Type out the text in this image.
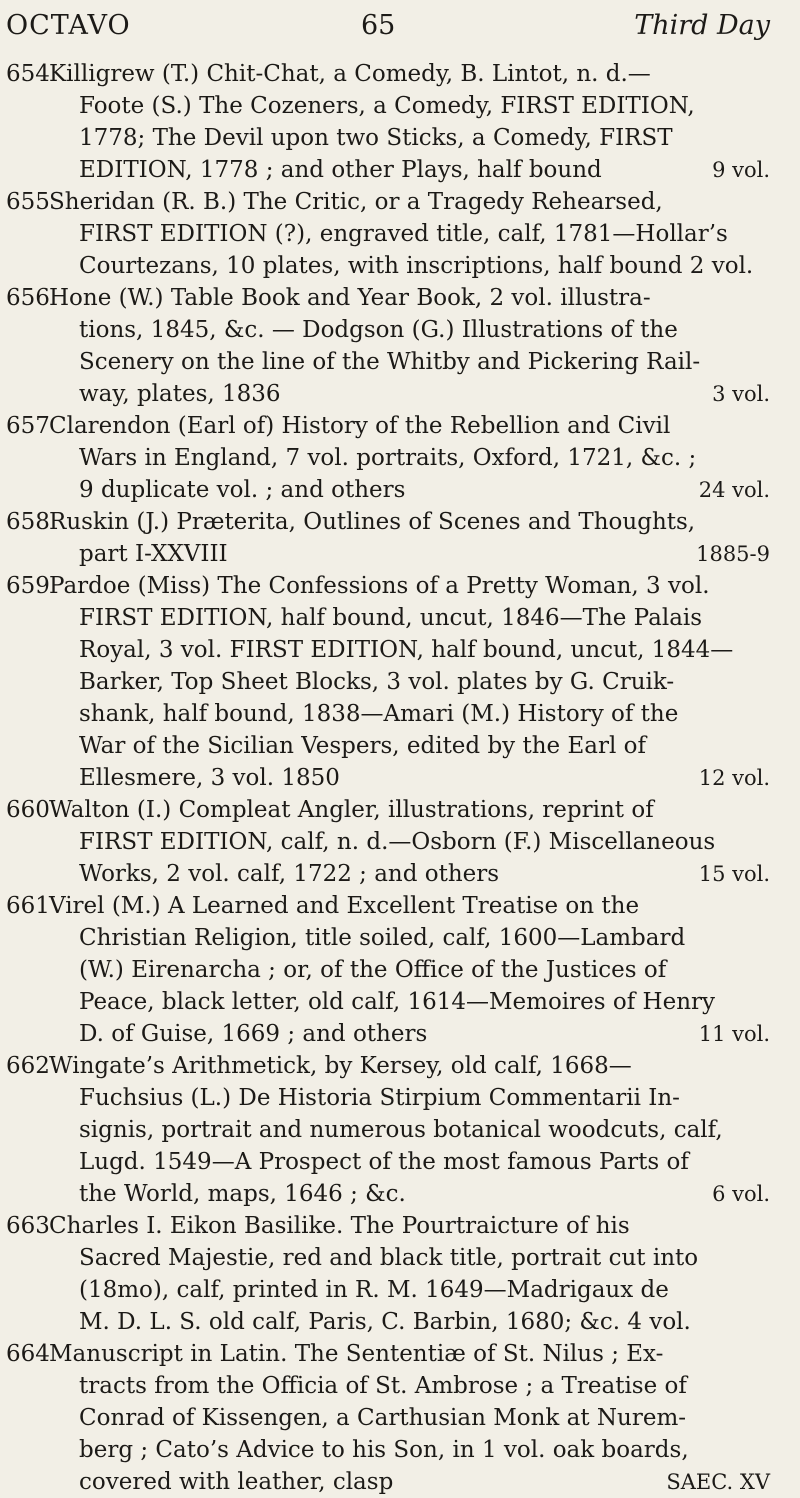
OCTAVO	65	Third Day
654 Killigrew (T.) Chit-Chat, a Comedy, B. Lintot, n. d.—
Foote (S.) The Cozeners, a Comedy, FIRST EDITION,
1778; The Devil upon two Sticks, a Comedy, FIRST
EDITION, 1778 ; and other Plays, half bound	9 vol.
655 Sheridan (R. B.) The Critic, or a Tragedy Rehearsed,
FIRST EDITION (?), engraved title, calf, 1781—Hollar’s
Courtezans, 10 plates, with inscriptions, half bound 2 vol.
656 Hone (W.) Table Book and Year Book, 2 vol. illustra-
tions, 1845, &c. — Dodgson (G.) Illustrations of the
Scenery on the line of the Whitby and Pickering Rail-
way, plates, 1836	3 vol.
657 Clarendon (Earl of) History of the Rebellion and Civil
Wars in England, 7 vol. portraits, Oxford, 1721, &c. ;
9 duplicate vol. ; and others	24 vol.
658 Ruskin (J.) Præterita, Outlines of Scenes and Thoughts,
part I-XXVIII	1885-9
659 Pardoe (Miss) The Confessions of a Pretty Woman, 3 vol.
FIRST EDITION, half bound, uncut, 1846—The Palais
Royal, 3 vol. FIRST EDITION, half bound, uncut, 1844—
Barker, Top Sheet Blocks, 3 vol. plates by G. Cruik-
shank, half bound, 1838—Amari (M.) History of the
War of the Sicilian Vespers, edited by the Earl of
Ellesmere, 3 vol. 1850	12 vol.
660 Walton (I.) Compleat Angler, illustrations, reprint of
FIRST EDITION, calf, n. d.—Osborn (F.) Miscellaneous
Works, 2 vol. calf, 1722 ; and others	15 vol.
661 Virel (M.) A Learned and Excellent Treatise on the
Christian Religion, title soiled, calf, 1600—Lambard
(W.) Eirenarcha ; or, of the Office of the Justices of
Peace, black letter, old calf, 1614—Memoires of Henry
D. of Guise, 1669 ; and others	11 vol.
662 Wingate’s Arithmetick, by Kersey, old calf, 1668—
Fuchsius (L.) De Historia Stirpium Commentarii In-
signis, portrait and numerous botanical woodcuts, calf,
Lugd. 1549—A Prospect of the most famous Parts of
the World, maps, 1646 ; &c.	6 vol.
663 Charles I. Eikon Basilike. The Pourtraicture of his
Sacred Majestie, red and black title, portrait cut into
(18mo), calf, printed in R. M. 1649—Madrigaux de
M. D. L. S. old calf, Paris, C. Barbin, 1680; &c. 4 vol.
664 Manuscript in Latin. The Sententiæ of St. Nilus ; Ex-
tracts from the Officia of St. Ambrose ; a Treatise of
Conrad of Kissengen, a Carthusian Monk at Nurem-
berg ; Cato’s Advice to his Son, in 1 vol. oak boards,
covered with leather, clasp	SAEC. XV
